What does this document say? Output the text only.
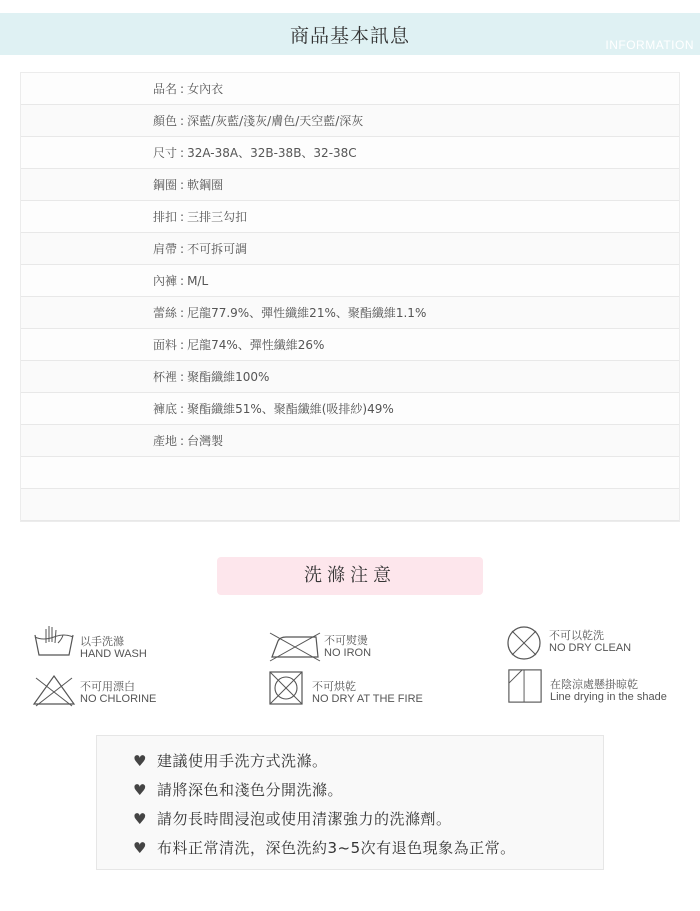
商品基本訊息	INFORMATION
品名 : 女內衣
顏色 : 深藍/灰藍/淺灰/膚色/天空藍/深灰
尺寸 : 32A-38A、32B-38B、32-38C
鋼圈 : 軟鋼圈
排扣 : 三排三勾扣
肩帶 : 不可拆可調
內褲 : M/L
蕾絲 : 尼龍77.9%、彈性纖維21%、聚酯纖維1.1%
面料 : 尼龍74%、彈性纖維26%
杯裡 : 聚酯纖維100%
褲底 : 聚酯纖維51%、聚酯纖維(吸排紗)49%
產地 : 台灣製
洗滌注意
以手洗滌
HAND WASH
不可熨燙
NO IRON
不可以乾洗
NO DRY CLEAN
不可用漂白
NO CHLORINE
不可烘乾
NO DRY AT THE FIRE
在陰涼處懸掛晾乾
Line drying in the shade
♥ 建議使用手洗方式洗滌。
♥ 請將深色和淺色分開洗滌。
♥ 請勿長時間浸泡或使用清潔強力的洗滌劑。
♥ 布料正常清洗，深色洗約3~5次有退色現象為正常。
